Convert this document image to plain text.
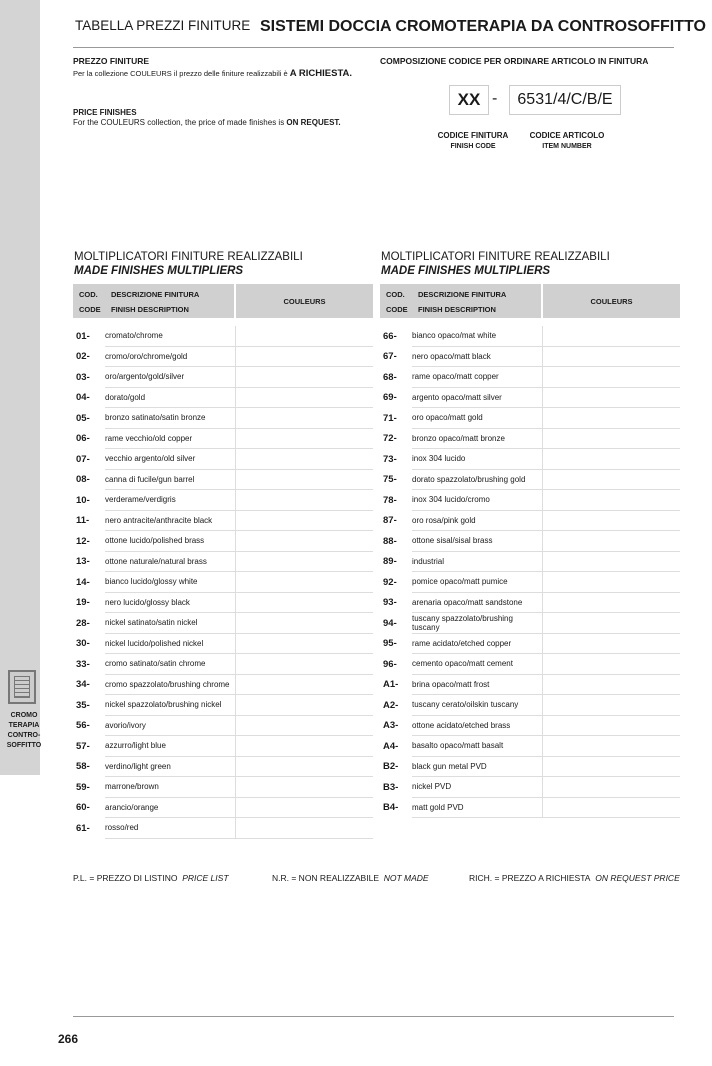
CROMO
TERAPIA
CONTRO-
SOFFITTO
TABELLA PREZZI FINITURE SISTEMI DOCCIA CROMOTERAPIA DA CONTROSOFFITTO
PREZZO FINITURE
Per la collezione COULEURS il prezzo delle finiture realizzabili è A RICHIESTA.
PRICE FINISHES
For the COULEURS collection, the price of made finishes is ON REQUEST.
COMPOSIZIONE CODICE PER ORDINARE ARTICOLO IN FINITURA
XX -	6531/4/C/B/E
CODICE FINITURA
FINISH CODE
CODICE ARTICOLO
ITEM NUMBER
MOLTIPLICATORI FINITURE REALIZZABILI
MADE FINISHES MULTIPLIERS
MOLTIPLICATORI FINITURE REALIZZABILI
MADE FINISHES MULTIPLIERS
COD.
CODE
DESCRIZIONE FINITURA
FINISH DESCRIPTION
COULEURS
01-	cromato/chrome
02-	cromo/oro/chrome/gold
03-	oro/argento/gold/silver
04-	dorato/gold
05-	bronzo satinato/satin bronze
06-	rame vecchio/old copper
07-	vecchio argento/old silver
08-	canna di fucile/gun barrel
10-	verderame/verdigris
11-	nero antracite/anthracite black
12-	ottone lucido/polished brass
13-	ottone naturale/natural brass
14-	bianco lucido/glossy white
19-	nero lucido/glossy black
28-	nickel satinato/satin nickel
30-	nickel lucido/polished nickel
33-	cromo satinato/satin chrome
34-	cromo spazzolato/brushing chrome
35-	nickel spazzolato/brushing nickel
56-	avorio/ivory
57-	azzurro/light blue
58-	verdino/light green
59-	marrone/brown
60-	arancio/orange
61-	rosso/red
COD.
CODE
DESCRIZIONE FINITURA
FINISH DESCRIPTION
COULEURS
66-	bianco opaco/mat white
67-	nero opaco/matt black
68-	rame opaco/matt copper
69-	argento opaco/matt silver
71-	oro opaco/matt gold
72-	bronzo opaco/matt bronze
73-	inox 304 lucido
75-	dorato spazzolato/brushing gold
78-	inox 304 lucido/cromo
87-	oro rosa/pink gold
88-	ottone sisal/sisal brass
89-	industrial
92-	pomice opaco/matt pumice
93-	arenaria opaco/matt sandstone
94-	tuscany spazzolato/brushing tuscany
95-	rame acidato/etched copper
96-	cemento opaco/matt cement
A1-	brina opaco/matt frost
A2-	tuscany cerato/oilskin tuscany
A3-	ottone acidato/etched brass
A4-	basalto opaco/matt basalt
B2-	black gun metal PVD
B3-	nickel PVD
B4-	matt gold PVD
P.L. = PREZZO DI LISTINO PRICE LIST	N.R. = NON REALIZZABILE NOT MADE	RICH. = PREZZO A RICHIESTA ON REQUEST PRICE
266
